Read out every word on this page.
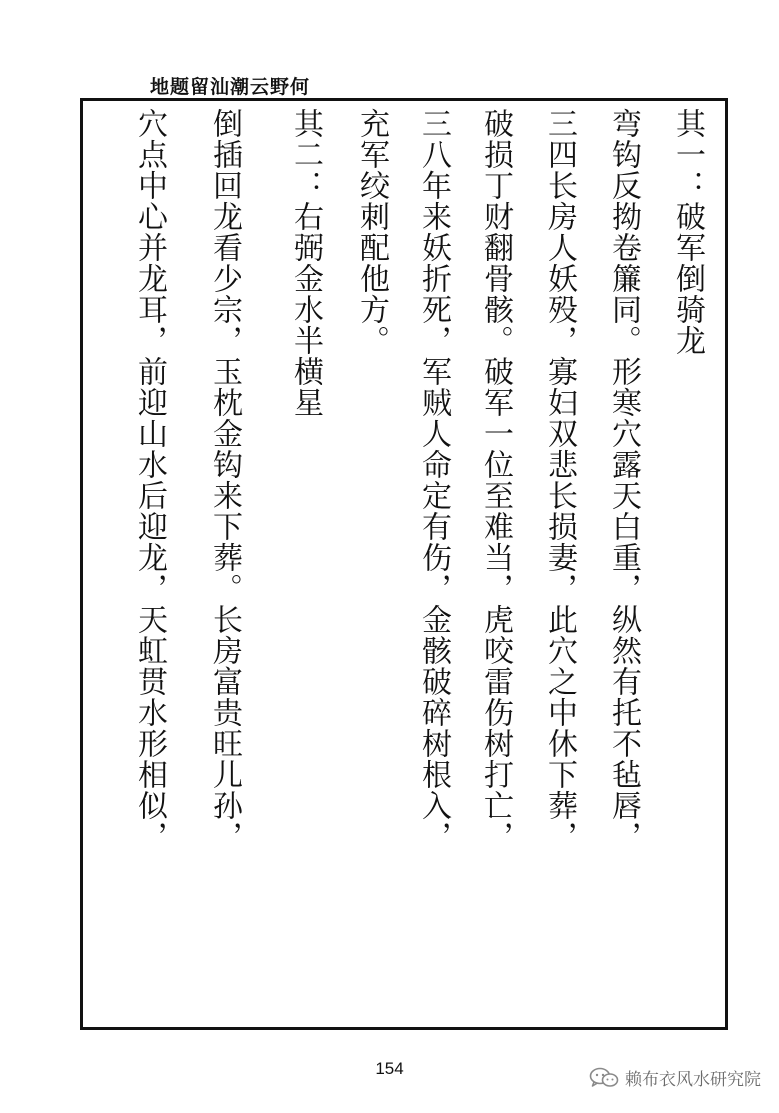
地题留汕潮云野何
其一：破军倒骑龙
弯钩反拗卷簾同。形寒穴露天白重，纵然有托不毡唇，
三四长房人妖殁，寡妇双悲长损妻，此穴之中休下葬，
破损丁财翻骨骸。破军一位至难当，虎咬雷伤树打亡，
三八年来妖折死，军贼人命定有伤，金骸破碎树根入，
充军绞刺配他方。
其二：右弼金水半横星
倒插回龙看少宗，玉枕金钩来下葬。长房富贵旺儿孙，
穴点中心并龙耳，前迎山水后迎龙，天虹贯水形相似，
154
赖布衣风水研究院
